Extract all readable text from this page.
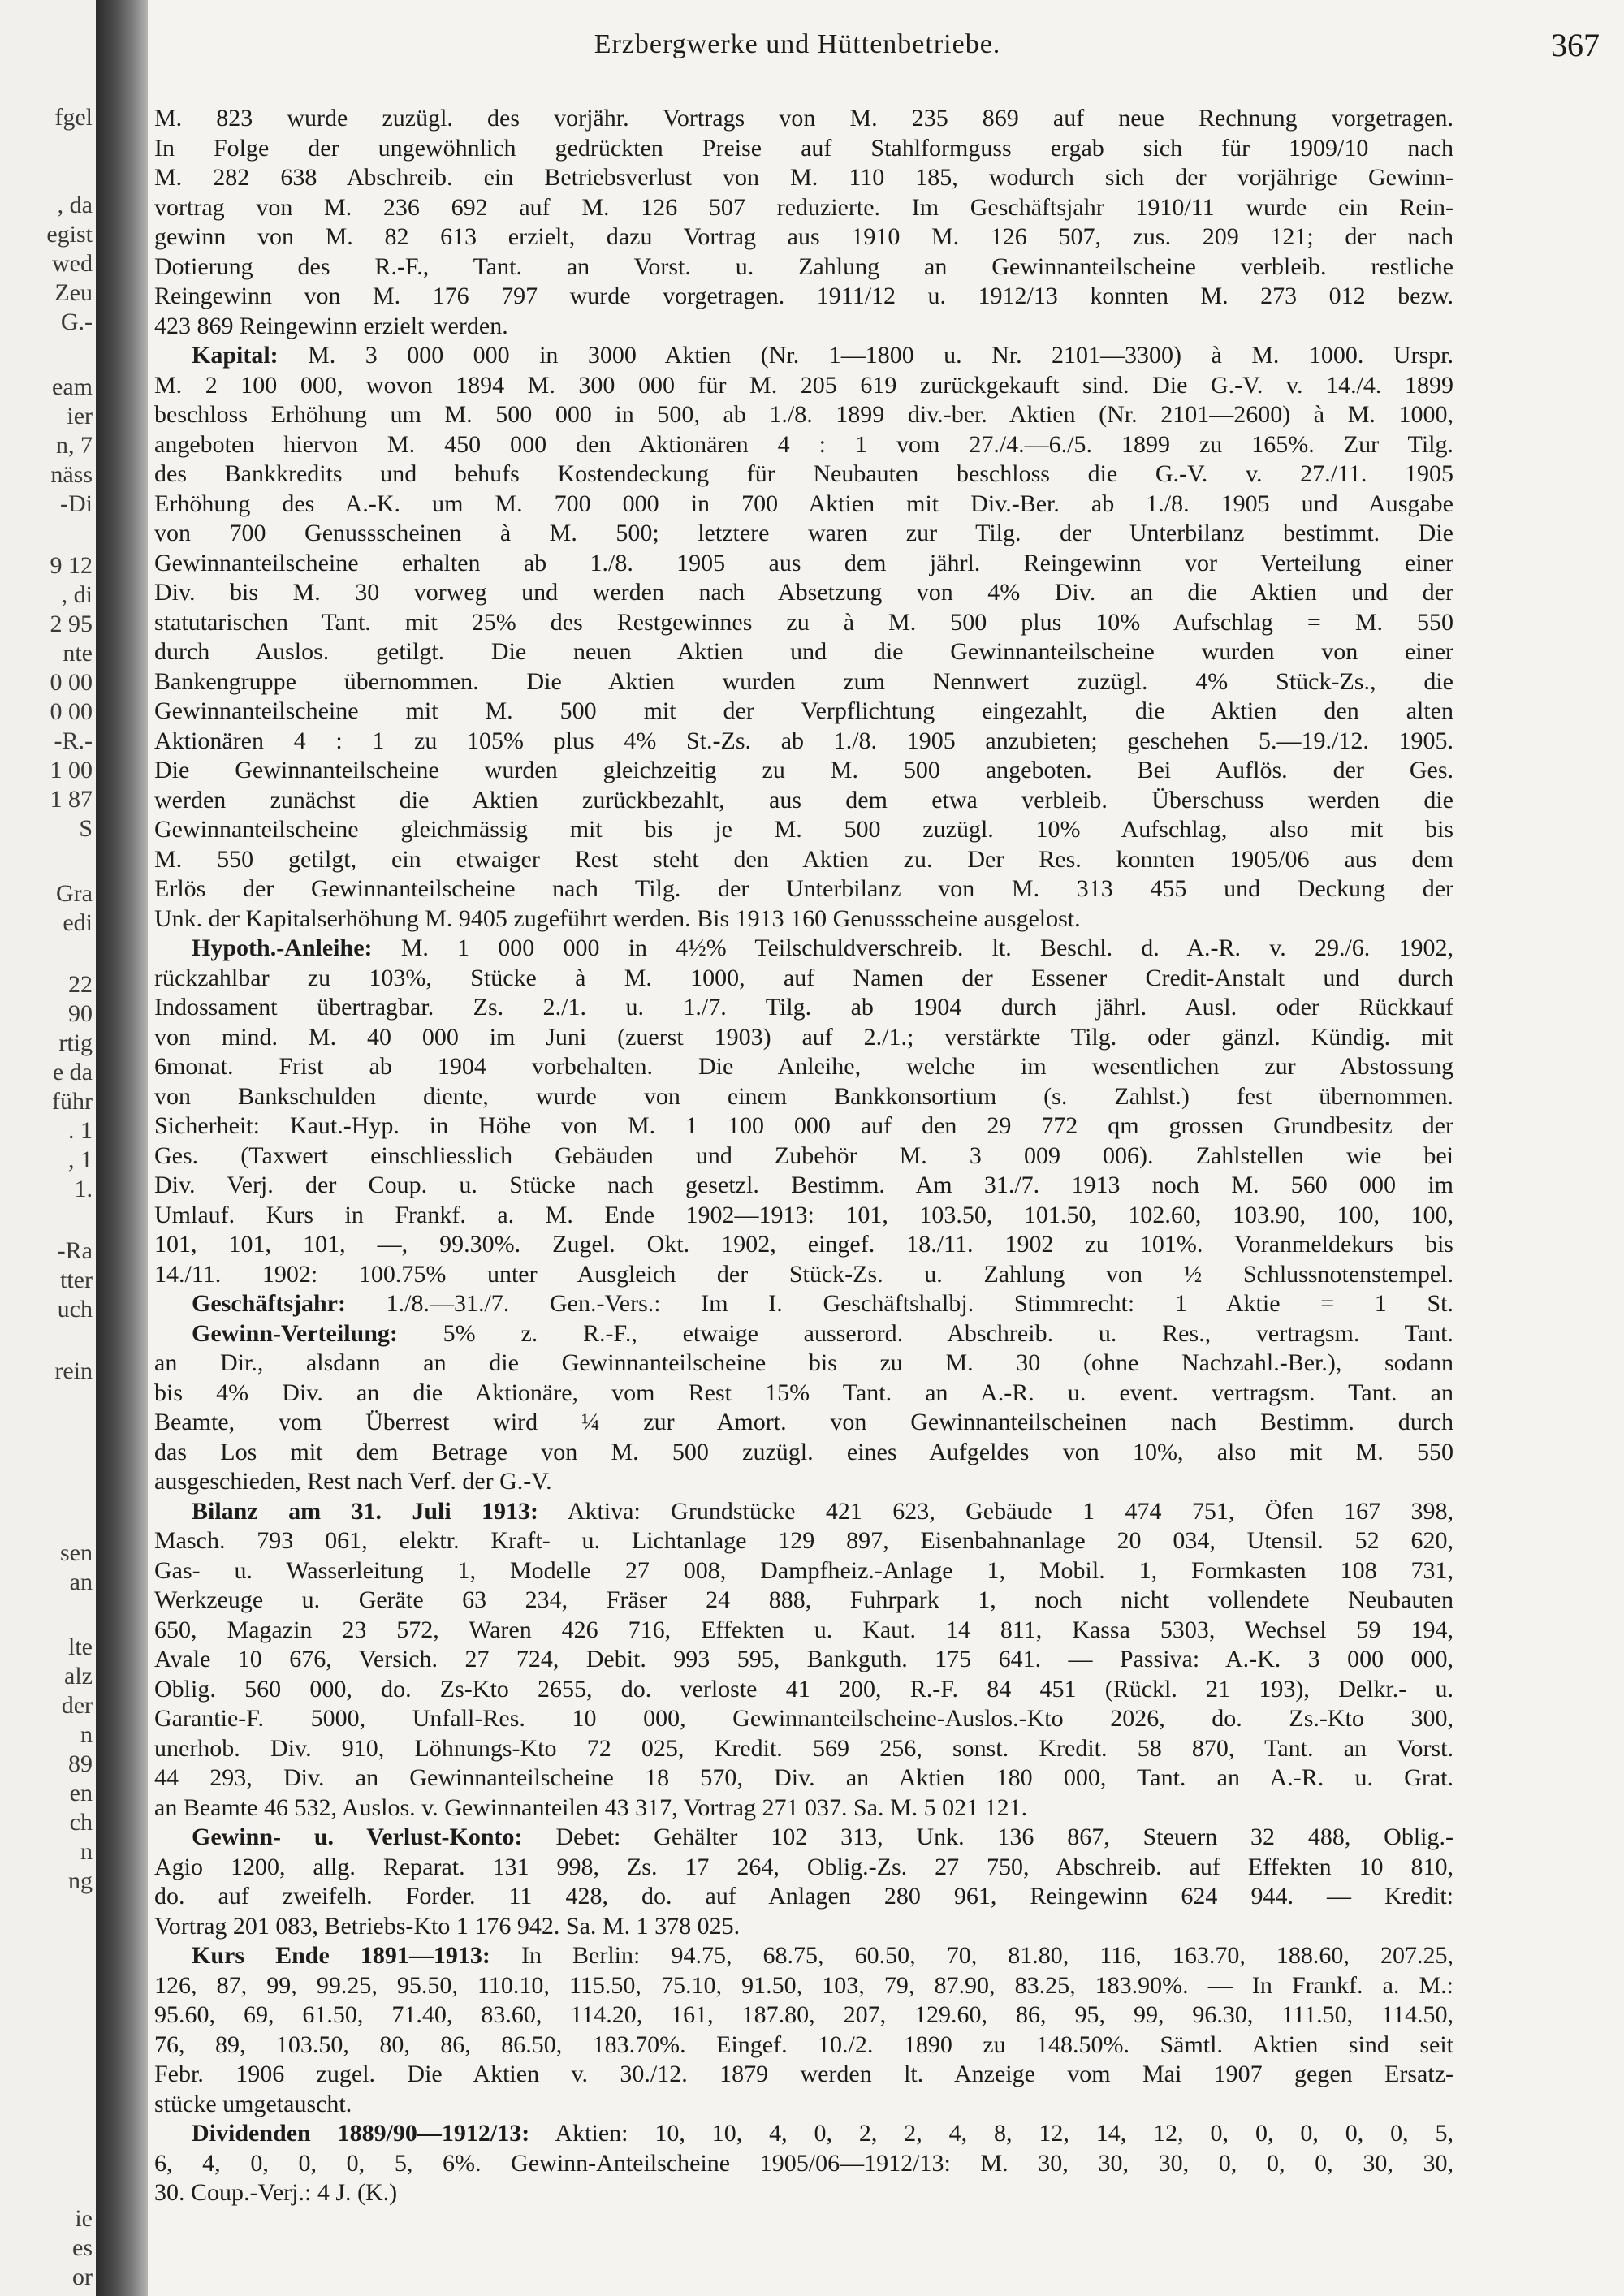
fgel
, da
egist
wed
Zeu
G.-
eam
ier
n, 7
näss
-Di
9 12
, di
2 95
nte
0 00
0 00
-R.-
1 00
1 87
S
Gra
edi
22
90
rtig
e da
führ
. 1
, 1
1.
-Ra
tter
uch
rein
sen
an
lte
alz
der
n
89
en
ch
n
ng
ie
es
or
Erzbergwerke und Hüttenbetriebe.	367
M. 823 wurde zuzügl. des vorjähr. Vortrags von M. 235 869 auf neue Rechnung vorgetragen.
In Folge der ungewöhnlich gedrückten Preise auf Stahlformguss ergab sich für 1909/10 nach
M. 282 638 Abschreib. ein Betriebsverlust von M. 110 185, wodurch sich der vorjährige Gewinn-
vortrag von M. 236 692 auf M. 126 507 reduzierte. Im Geschäftsjahr 1910/11 wurde ein Rein-
gewinn von M. 82 613 erzielt, dazu Vortrag aus 1910 M. 126 507, zus. 209 121; der nach
Dotierung des R.-F., Tant. an Vorst. u. Zahlung an Gewinnanteilscheine verbleib. restliche
Reingewinn von M. 176 797 wurde vorgetragen. 1911/12 u. 1912/13 konnten M. 273 012 bezw.
423 869 Reingewinn erzielt werden.
Kapital: M. 3 000 000 in 3000 Aktien (Nr. 1—1800 u. Nr. 2101—3300) à M. 1000. Urspr.
M. 2 100 000, wovon 1894 M. 300 000 für M. 205 619 zurückgekauft sind. Die G.-V. v. 14./4. 1899
beschloss Erhöhung um M. 500 000 in 500, ab 1./8. 1899 div.-ber. Aktien (Nr. 2101—2600) à M. 1000,
angeboten hiervon M. 450 000 den Aktionären 4 : 1 vom 27./4.—6./5. 1899 zu 165%. Zur Tilg.
des Bankkredits und behufs Kostendeckung für Neubauten beschloss die G.-V. v. 27./11. 1905
Erhöhung des A.-K. um M. 700 000 in 700 Aktien mit Div.-Ber. ab 1./8. 1905 und Ausgabe
von 700 Genussscheinen à M. 500; letztere waren zur Tilg. der Unterbilanz bestimmt. Die
Gewinnanteilscheine erhalten ab 1./8. 1905 aus dem jährl. Reingewinn vor Verteilung einer
Div. bis M. 30 vorweg und werden nach Absetzung von 4% Div. an die Aktien und der
statutarischen Tant. mit 25% des Restgewinnes zu à M. 500 plus 10% Aufschlag = M. 550
durch Auslos. getilgt. Die neuen Aktien und die Gewinnanteilscheine wurden von einer
Bankengruppe übernommen. Die Aktien wurden zum Nennwert zuzügl. 4% Stück-Zs., die
Gewinnanteilscheine mit M. 500 mit der Verpflichtung eingezahlt, die Aktien den alten
Aktionären 4 : 1 zu 105% plus 4% St.-Zs. ab 1./8. 1905 anzubieten; geschehen 5.—19./12. 1905.
Die Gewinnanteilscheine wurden gleichzeitig zu M. 500 angeboten. Bei Auflös. der Ges.
werden zunächst die Aktien zurückbezahlt, aus dem etwa verbleib. Überschuss werden die
Gewinnanteilscheine gleichmässig mit bis je M. 500 zuzügl. 10% Aufschlag, also mit bis
M. 550 getilgt, ein etwaiger Rest steht den Aktien zu. Der Res. konnten 1905/06 aus dem
Erlös der Gewinnanteilscheine nach Tilg. der Unterbilanz von M. 313 455 und Deckung der
Unk. der Kapitalserhöhung M. 9405 zugeführt werden. Bis 1913 160 Genussscheine ausgelost.
Hypoth.-Anleihe: M. 1 000 000 in 4½% Teilschuldverschreib. lt. Beschl. d. A.-R. v. 29./6. 1902,
rückzahlbar zu 103%, Stücke à M. 1000, auf Namen der Essener Credit-Anstalt und durch
Indossament übertragbar. Zs. 2./1. u. 1./7. Tilg. ab 1904 durch jährl. Ausl. oder Rückkauf
von mind. M. 40 000 im Juni (zuerst 1903) auf 2./1.; verstärkte Tilg. oder gänzl. Kündig. mit
6monat. Frist ab 1904 vorbehalten. Die Anleihe, welche im wesentlichen zur Abstossung
von Bankschulden diente, wurde von einem Bankkonsortium (s. Zahlst.) fest übernommen.
Sicherheit: Kaut.-Hyp. in Höhe von M. 1 100 000 auf den 29 772 qm grossen Grundbesitz der
Ges. (Taxwert einschliesslich Gebäuden und Zubehör M. 3 009 006). Zahlstellen wie bei
Div. Verj. der Coup. u. Stücke nach gesetzl. Bestimm. Am 31./7. 1913 noch M. 560 000 im
Umlauf. Kurs in Frankf. a. M. Ende 1902—1913: 101, 103.50, 101.50, 102.60, 103.90, 100, 100,
101, 101, 101, —, 99.30%. Zugel. Okt. 1902, eingef. 18./11. 1902 zu 101%. Voranmeldekurs bis
14./11. 1902: 100.75% unter Ausgleich der Stück-Zs. u. Zahlung von ½ Schlussnotenstempel.
Geschäftsjahr: 1./8.—31./7. Gen.-Vers.: Im I. Geschäftshalbj. Stimmrecht: 1 Aktie = 1 St.
Gewinn-Verteilung: 5% z. R.-F., etwaige ausserord. Abschreib. u. Res., vertragsm. Tant.
an Dir., alsdann an die Gewinnanteilscheine bis zu M. 30 (ohne Nachzahl.-Ber.), sodann
bis 4% Div. an die Aktionäre, vom Rest 15% Tant. an A.-R. u. event. vertragsm. Tant. an
Beamte, vom Überrest wird ¼ zur Amort. von Gewinnanteilscheinen nach Bestimm. durch
das Los mit dem Betrage von M. 500 zuzügl. eines Aufgeldes von 10%, also mit M. 550
ausgeschieden, Rest nach Verf. der G.-V.
Bilanz am 31. Juli 1913: Aktiva: Grundstücke 421 623, Gebäude 1 474 751, Öfen 167 398,
Masch. 793 061, elektr. Kraft- u. Lichtanlage 129 897, Eisenbahnanlage 20 034, Utensil. 52 620,
Gas- u. Wasserleitung 1, Modelle 27 008, Dampfheiz.-Anlage 1, Mobil. 1, Formkasten 108 731,
Werkzeuge u. Geräte 63 234, Fräser 24 888, Fuhrpark 1, noch nicht vollendete Neubauten
650, Magazin 23 572, Waren 426 716, Effekten u. Kaut. 14 811, Kassa 5303, Wechsel 59 194,
Avale 10 676, Versich. 27 724, Debit. 993 595, Bankguth. 175 641. — Passiva: A.-K. 3 000 000,
Oblig. 560 000, do. Zs-Kto 2655, do. verloste 41 200, R.-F. 84 451 (Rückl. 21 193), Delkr.- u.
Garantie-F. 5000, Unfall-Res. 10 000, Gewinnanteilscheine-Auslos.-Kto 2026, do. Zs.-Kto 300,
unerhob. Div. 910, Löhnungs-Kto 72 025, Kredit. 569 256, sonst. Kredit. 58 870, Tant. an Vorst.
44 293, Div. an Gewinnanteilscheine 18 570, Div. an Aktien 180 000, Tant. an A.-R. u. Grat.
an Beamte 46 532, Auslos. v. Gewinnanteilen 43 317, Vortrag 271 037. Sa. M. 5 021 121.
Gewinn- u. Verlust-Konto: Debet: Gehälter 102 313, Unk. 136 867, Steuern 32 488, Oblig.-
Agio 1200, allg. Reparat. 131 998, Zs. 17 264, Oblig.-Zs. 27 750, Abschreib. auf Effekten 10 810,
do. auf zweifelh. Forder. 11 428, do. auf Anlagen 280 961, Reingewinn 624 944. — Kredit:
Vortrag 201 083, Betriebs-Kto 1 176 942. Sa. M. 1 378 025.
Kurs Ende 1891—1913: In Berlin: 94.75, 68.75, 60.50, 70, 81.80, 116, 163.70, 188.60, 207.25,
126, 87, 99, 99.25, 95.50, 110.10, 115.50, 75.10, 91.50, 103, 79, 87.90, 83.25, 183.90%. — In Frankf. a. M.:
95.60, 69, 61.50, 71.40, 83.60, 114.20, 161, 187.80, 207, 129.60, 86, 95, 99, 96.30, 111.50, 114.50,
76, 89, 103.50, 80, 86, 86.50, 183.70%. Eingef. 10./2. 1890 zu 148.50%. Sämtl. Aktien sind seit
Febr. 1906 zugel. Die Aktien v. 30./12. 1879 werden lt. Anzeige vom Mai 1907 gegen Ersatz-
stücke umgetauscht.
Dividenden 1889/90—1912/13: Aktien: 10, 10, 4, 0, 2, 2, 4, 8, 12, 14, 12, 0, 0, 0, 0, 0, 5,
6, 4, 0, 0, 0, 5, 6%. Gewinn-Anteilscheine 1905/06—1912/13: M. 30, 30, 30, 0, 0, 0, 30, 30,
30. Coup.-Verj.: 4 J. (K.)
